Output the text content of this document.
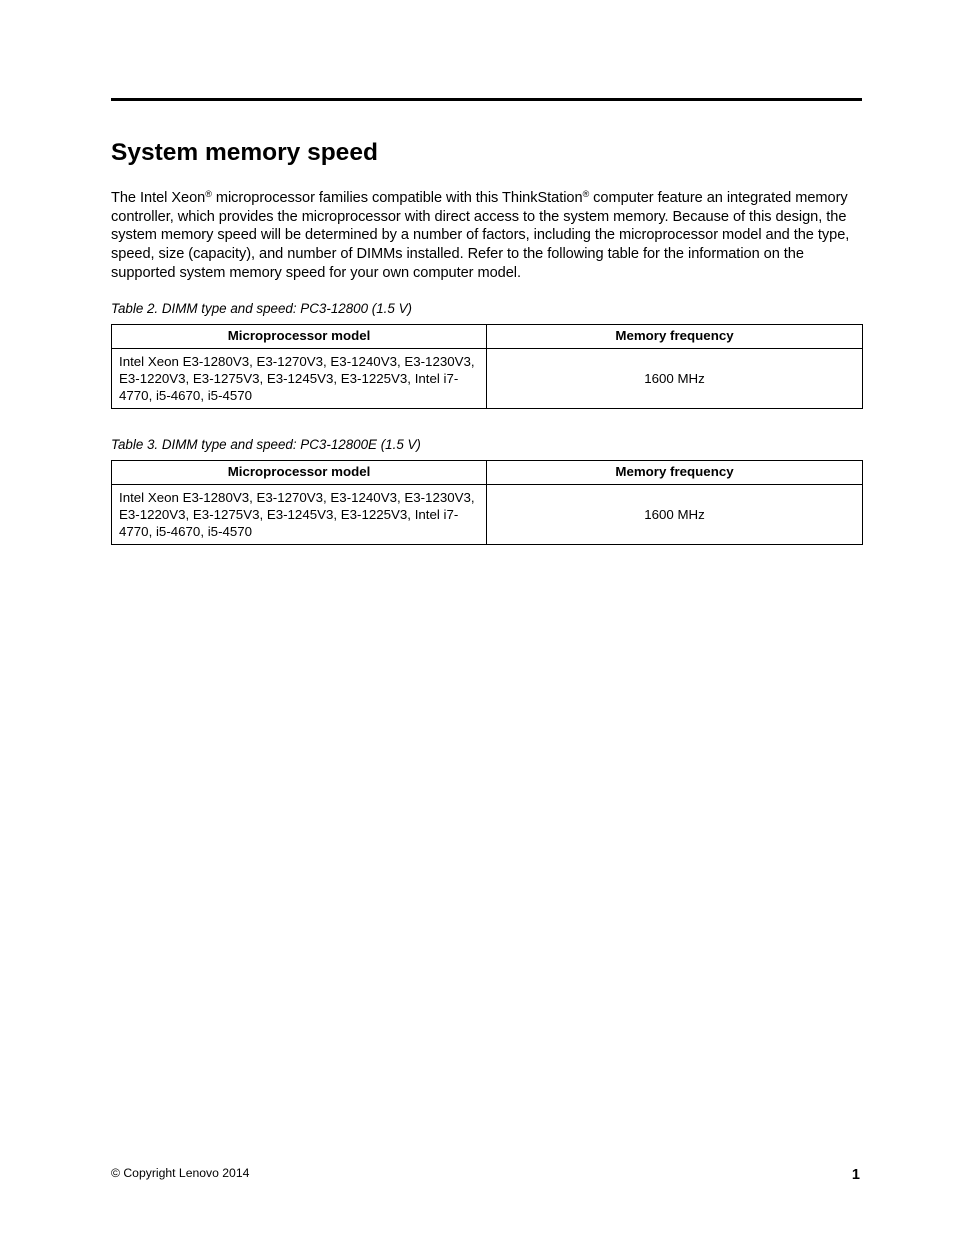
System memory speed

The Intel Xeon® microprocessor families compatible with this ThinkStation® computer feature an integrated memory controller, which provides the microprocessor with direct access to the system memory. Because of this design, the system memory speed will be determined by a number of factors, including the microprocessor model and the type, speed, size (capacity), and number of DIMMs installed. Refer to the following table for the information on the supported system memory speed for your own computer model.

Table 2. DIMM type and speed: PC3-12800 (1.5 V)

Microprocessor model	Memory frequency
Intel Xeon E3-1280V3, E3-1270V3, E3-1240V3, E3-1230V3, E3-1220V3, E3-1275V3, E3-1245V3, E3-1225V3, Intel i7-4770, i5-4670, i5-4570	1600 MHz

Table 3. DIMM type and speed: PC3-12800E (1.5 V)

Microprocessor model	Memory frequency
Intel Xeon E3-1280V3, E3-1270V3, E3-1240V3, E3-1230V3, E3-1220V3, E3-1275V3, E3-1245V3, E3-1225V3, Intel i7-4770, i5-4670, i5-4570	1600 MHz
© Copyright Lenovo 2014	1
